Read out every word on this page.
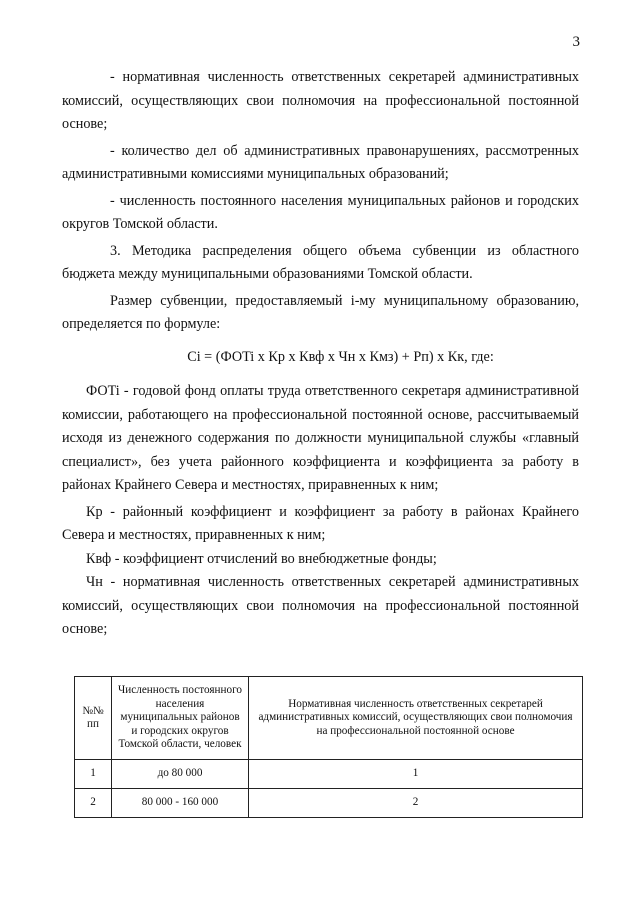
3

- нормативная численность ответственных секретарей административных комиссий, осуществляющих свои полномочия на профессиональной постоянной основе;

- количество дел об административных правонарушениях, рассмотренных административными комиссиями муниципальных образований;

- численность постоянного населения муниципальных районов и городских округов Томской области.

3. Методика распределения общего объема субвенции из областного бюджета между муниципальными образованиями Томской области.

Размер субвенции, предоставляемый i-му муниципальному образованию, определяется по формуле:

Ci = (ФОTi x Кр x Квф x Чн x Кмз) + Рп) x Кк, где:

ФОTi - годовой фонд оплаты труда ответственного секретаря административной комиссии, работающего на профессиональной постоянной основе, рассчитываемый исходя из денежного содержания по должности муниципальной службы «главный специалист», без учета районного коэффициента и коэффициента за работу в районах Крайнего Севера и местностях, приравненных к ним;

Кр - районный коэффициент и коэффициент за работу в районах Крайнего Севера и местностях, приравненных к ним;

Квф - коэффициент отчислений во внебюджетные фонды;

Чн - нормативная численность ответственных секретарей административных комиссий, осуществляющих свои полномочия на профессиональной постоянной основе;

№№ пп	Численность постоянного населения муниципальных районов и городских округов Томской области, человек	Нормативная численность ответственных секретарей административных комиссий, осуществляющих свои полномочия на профессиональной постоянной основе
1	до 80 000	1
2	80 000 - 160 000	2
